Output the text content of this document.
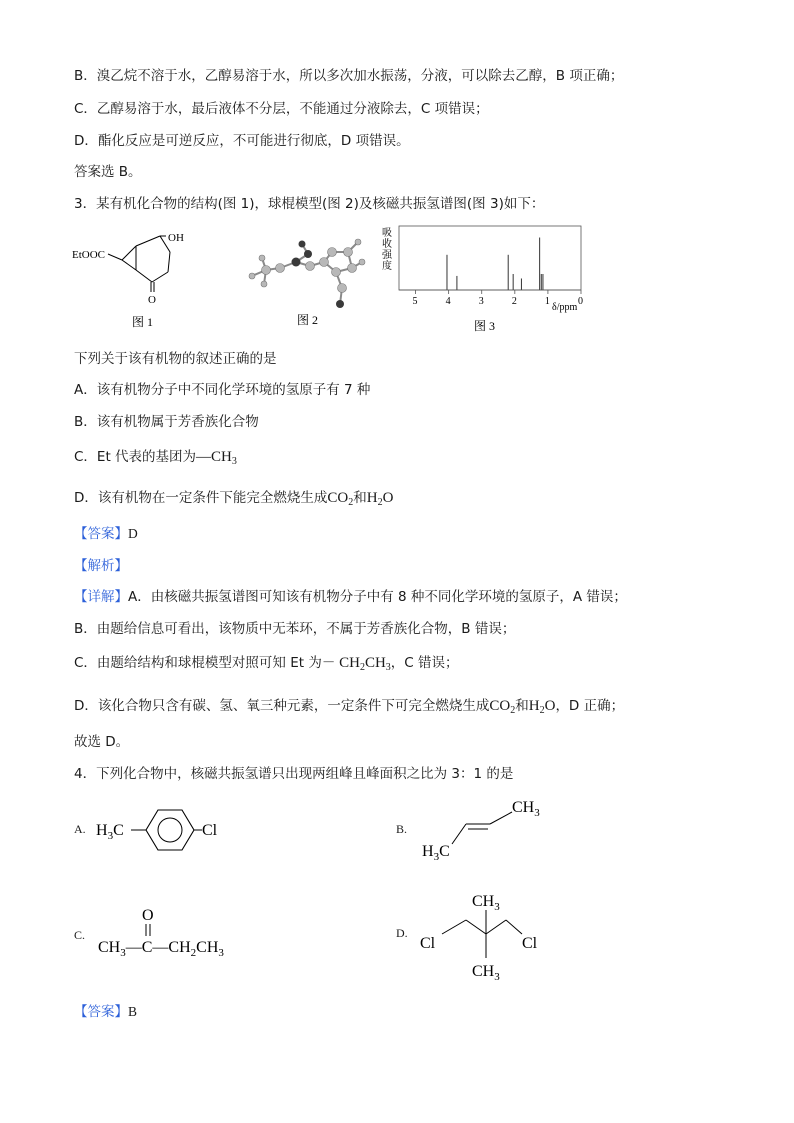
B．溴乙烷不溶于水，乙醇易溶于水，所以多次加水振荡，分液，可以除去乙醇，B 项正确；
C．乙醇易溶于水，最后液体不分层，不能通过分液除去，C 项错误；
D．酯化反应是可逆反应，不可能进行彻底，D 项错误。
答案选 B。
3．某有机化合物的结构(图 1)，球棍模型(图 2)及核磁共振氢谱图(图 3)如下：
EtOOC
OH
O
图 1	图 2
吸
收
强
度
5	4	3	2	1	0
δ/ppm
图 3
下列关于该有机物的叙述正确的是
A．该有机物分子中不同化学环境的氢原子有 7 种
B．该有机物属于芳香族化合物
C．Et 代表的基团为$—CH_3$
D．该有机物在一定条件下能完全燃烧生成$CO_2$和$H_2O$
【答案】D
【解析】
【详解】A．由核磁共振氢谱图可知该有机物分子中有 8 种不同化学环境的氢原子，A 错误；
B．由题给信息可看出，该物质中无苯环，不属于芳香族化合物，B 错误；
C．由题给结构和球棍模型对照可知 Et 为－ $CH_2CH_3$，C 错误；
D．该化合物只含有碳、氢、氧三种元素，一定条件下可完全燃烧生成$CO_2$和$H_2O$，D 正确；
故选 D。
4．下列化合物中，核磁共振氢谱只出现两组峰且峰面积之比为 3：1 的是
A. $H_3C$	Cl	B.
$CH_3$
$H_3C$
C.
O
$CH_3—C—CH_2CH_3$
D.
$CH_3$
Cl	Cl
$CH_3$
【答案】B
